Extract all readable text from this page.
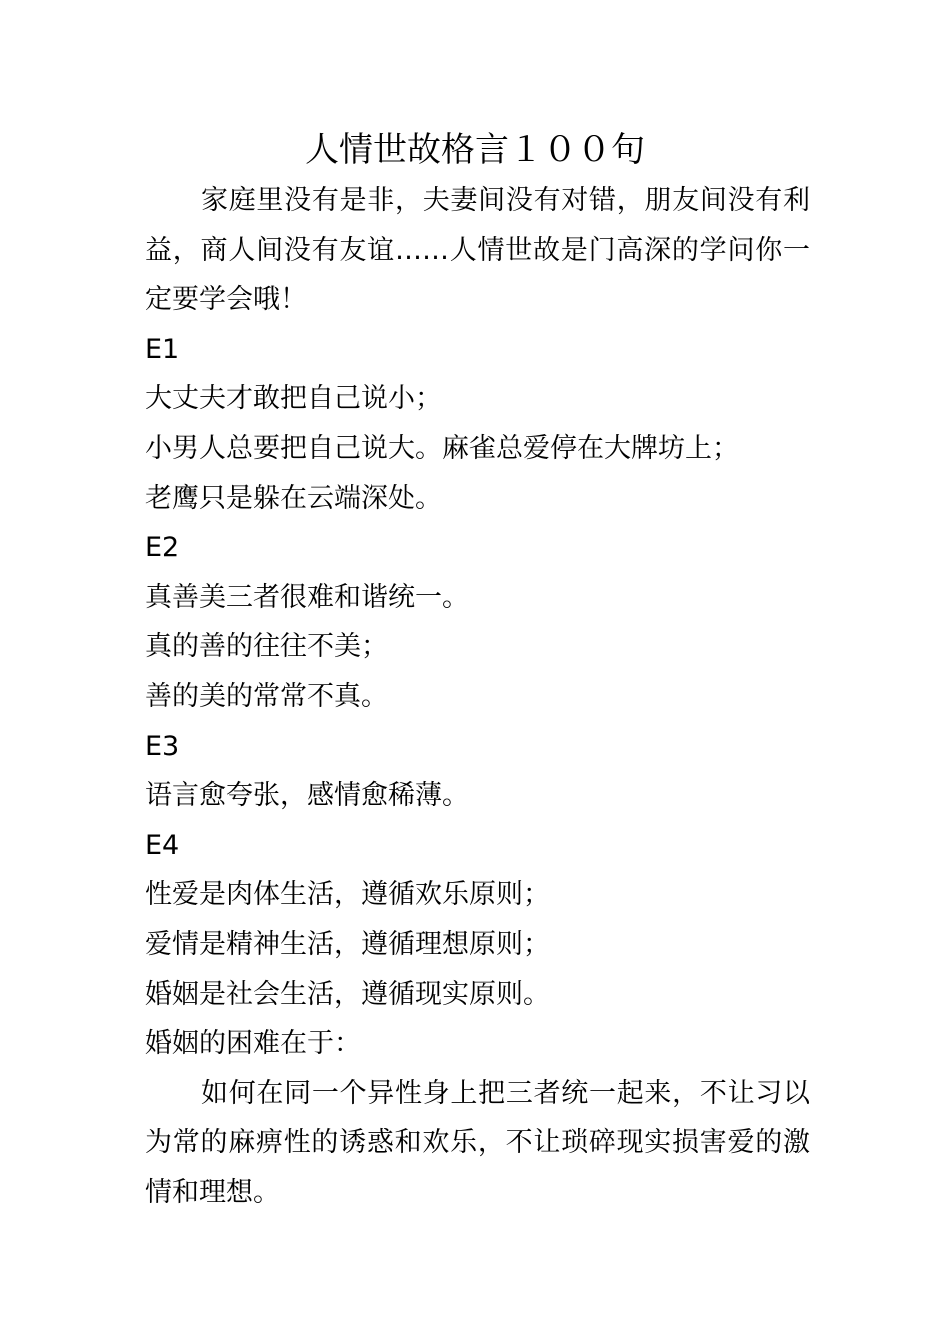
人情世故格言１００句

家庭里没有是非，夫妻间没有对错，朋友间没有利益，商人间没有友谊……人情世故是门高深的学问你一定要学会哦！

E1

大丈夫才敢把自己说小；

小男人总要把自己说大。麻雀总爱停在大牌坊上；

老鹰只是躲在云端深处。

E2

真善美三者很难和谐统一。

真的善的往往不美；

善的美的常常不真。

E3

语言愈夸张，感情愈稀薄。

E4

性爱是肉体生活，遵循欢乐原则；

爱情是精神生活，遵循理想原则；

婚姻是社会生活，遵循现实原则。

婚姻的困难在于：

如何在同一个异性身上把三者统一起来，不让习以为常的麻痹性的诱惑和欢乐，不让琐碎现实损害爱的激情和理想。
